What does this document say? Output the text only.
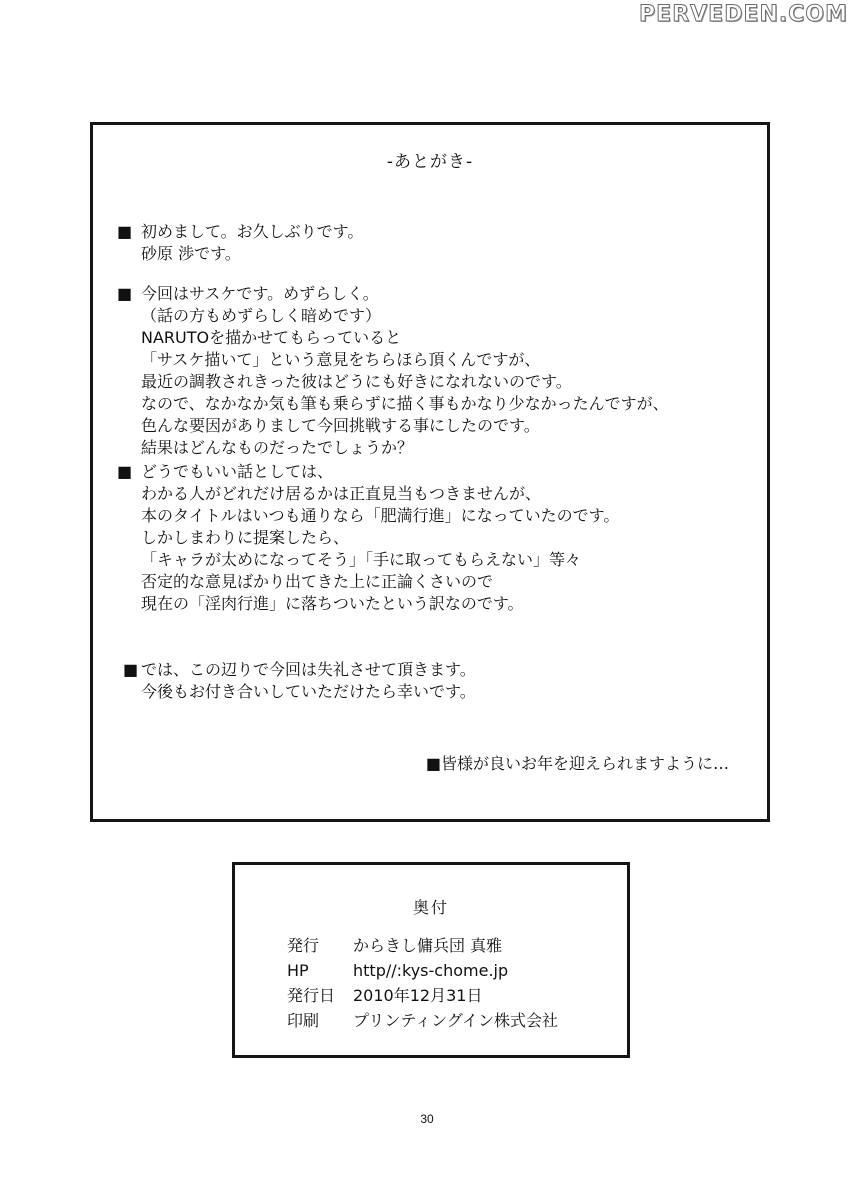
PERVEDEN.COM
-あとがき-
■ 初めまして。お久しぶりです。
砂原 渉です。
■ 今回はサスケです。めずらしく。
（話の方もめずらしく暗めです）
NARUTOを描かせてもらっていると
「サスケ描いて」という意見をちらほら頂くんですが、
最近の調教されきった彼はどうにも好きになれないのです。
なので、なかなか気も筆も乗らずに描く事もかなり少なかったんですが、
色んな要因がありまして今回挑戦する事にしたのです。
結果はどんなものだったでしょうか？
■ どうでもいい話としては、
わかる人がどれだけ居るかは正直見当もつきませんが、
本のタイトルはいつも通りなら「肥満行進」になっていたのです。
しかしまわりに提案したら、
「キャラが太めになってそう」「手に取ってもらえない」等々
否定的な意見ばかり出てきた上に正論くさいので
現在の「淫肉行進」に落ちついたという訳なのです。
■ では、この辺りで今回は失礼させて頂きます。
今後もお付き合いしていただけたら幸いです。
■皆様が良いお年を迎えられますように…
奥付
発行	からきし傭兵団 真雅
HP	http//:kys-chome.jp
発行日	2010年12月31日
印刷	プリンティングイン株式会社
30
